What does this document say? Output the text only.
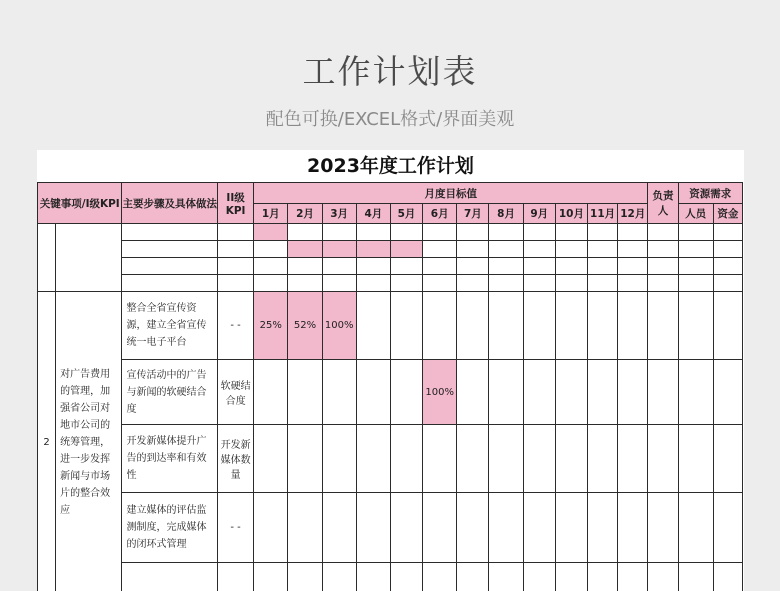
工作计划表
配色可换/EXCEL格式/界面美观
2023年度工作计划
关键事项/I级KPI		主要步骤及具体做法	II级KPI	月度目标值												负责人	资源需求	
				1月	2月	3月	4月	5月	6月	7月	8月	9月	10月	11月	12月		人员	资金

2	对广告费用的管理，加强省公司对地市公司的统筹管理，进一步发挥新闻与市场片的整合效应	整合全省宣传资源，建立全省宣传统一电子平台	- -	25%	52%	100%												
		宣传活动中的广告与新闻的软硬结合度	软硬结合度						100%									
		开发新媒体提升广告的到达率和有效性	开发新媒体数量															
		建立媒体的评估监测制度，完成媒体的闭环式管理	- -															
